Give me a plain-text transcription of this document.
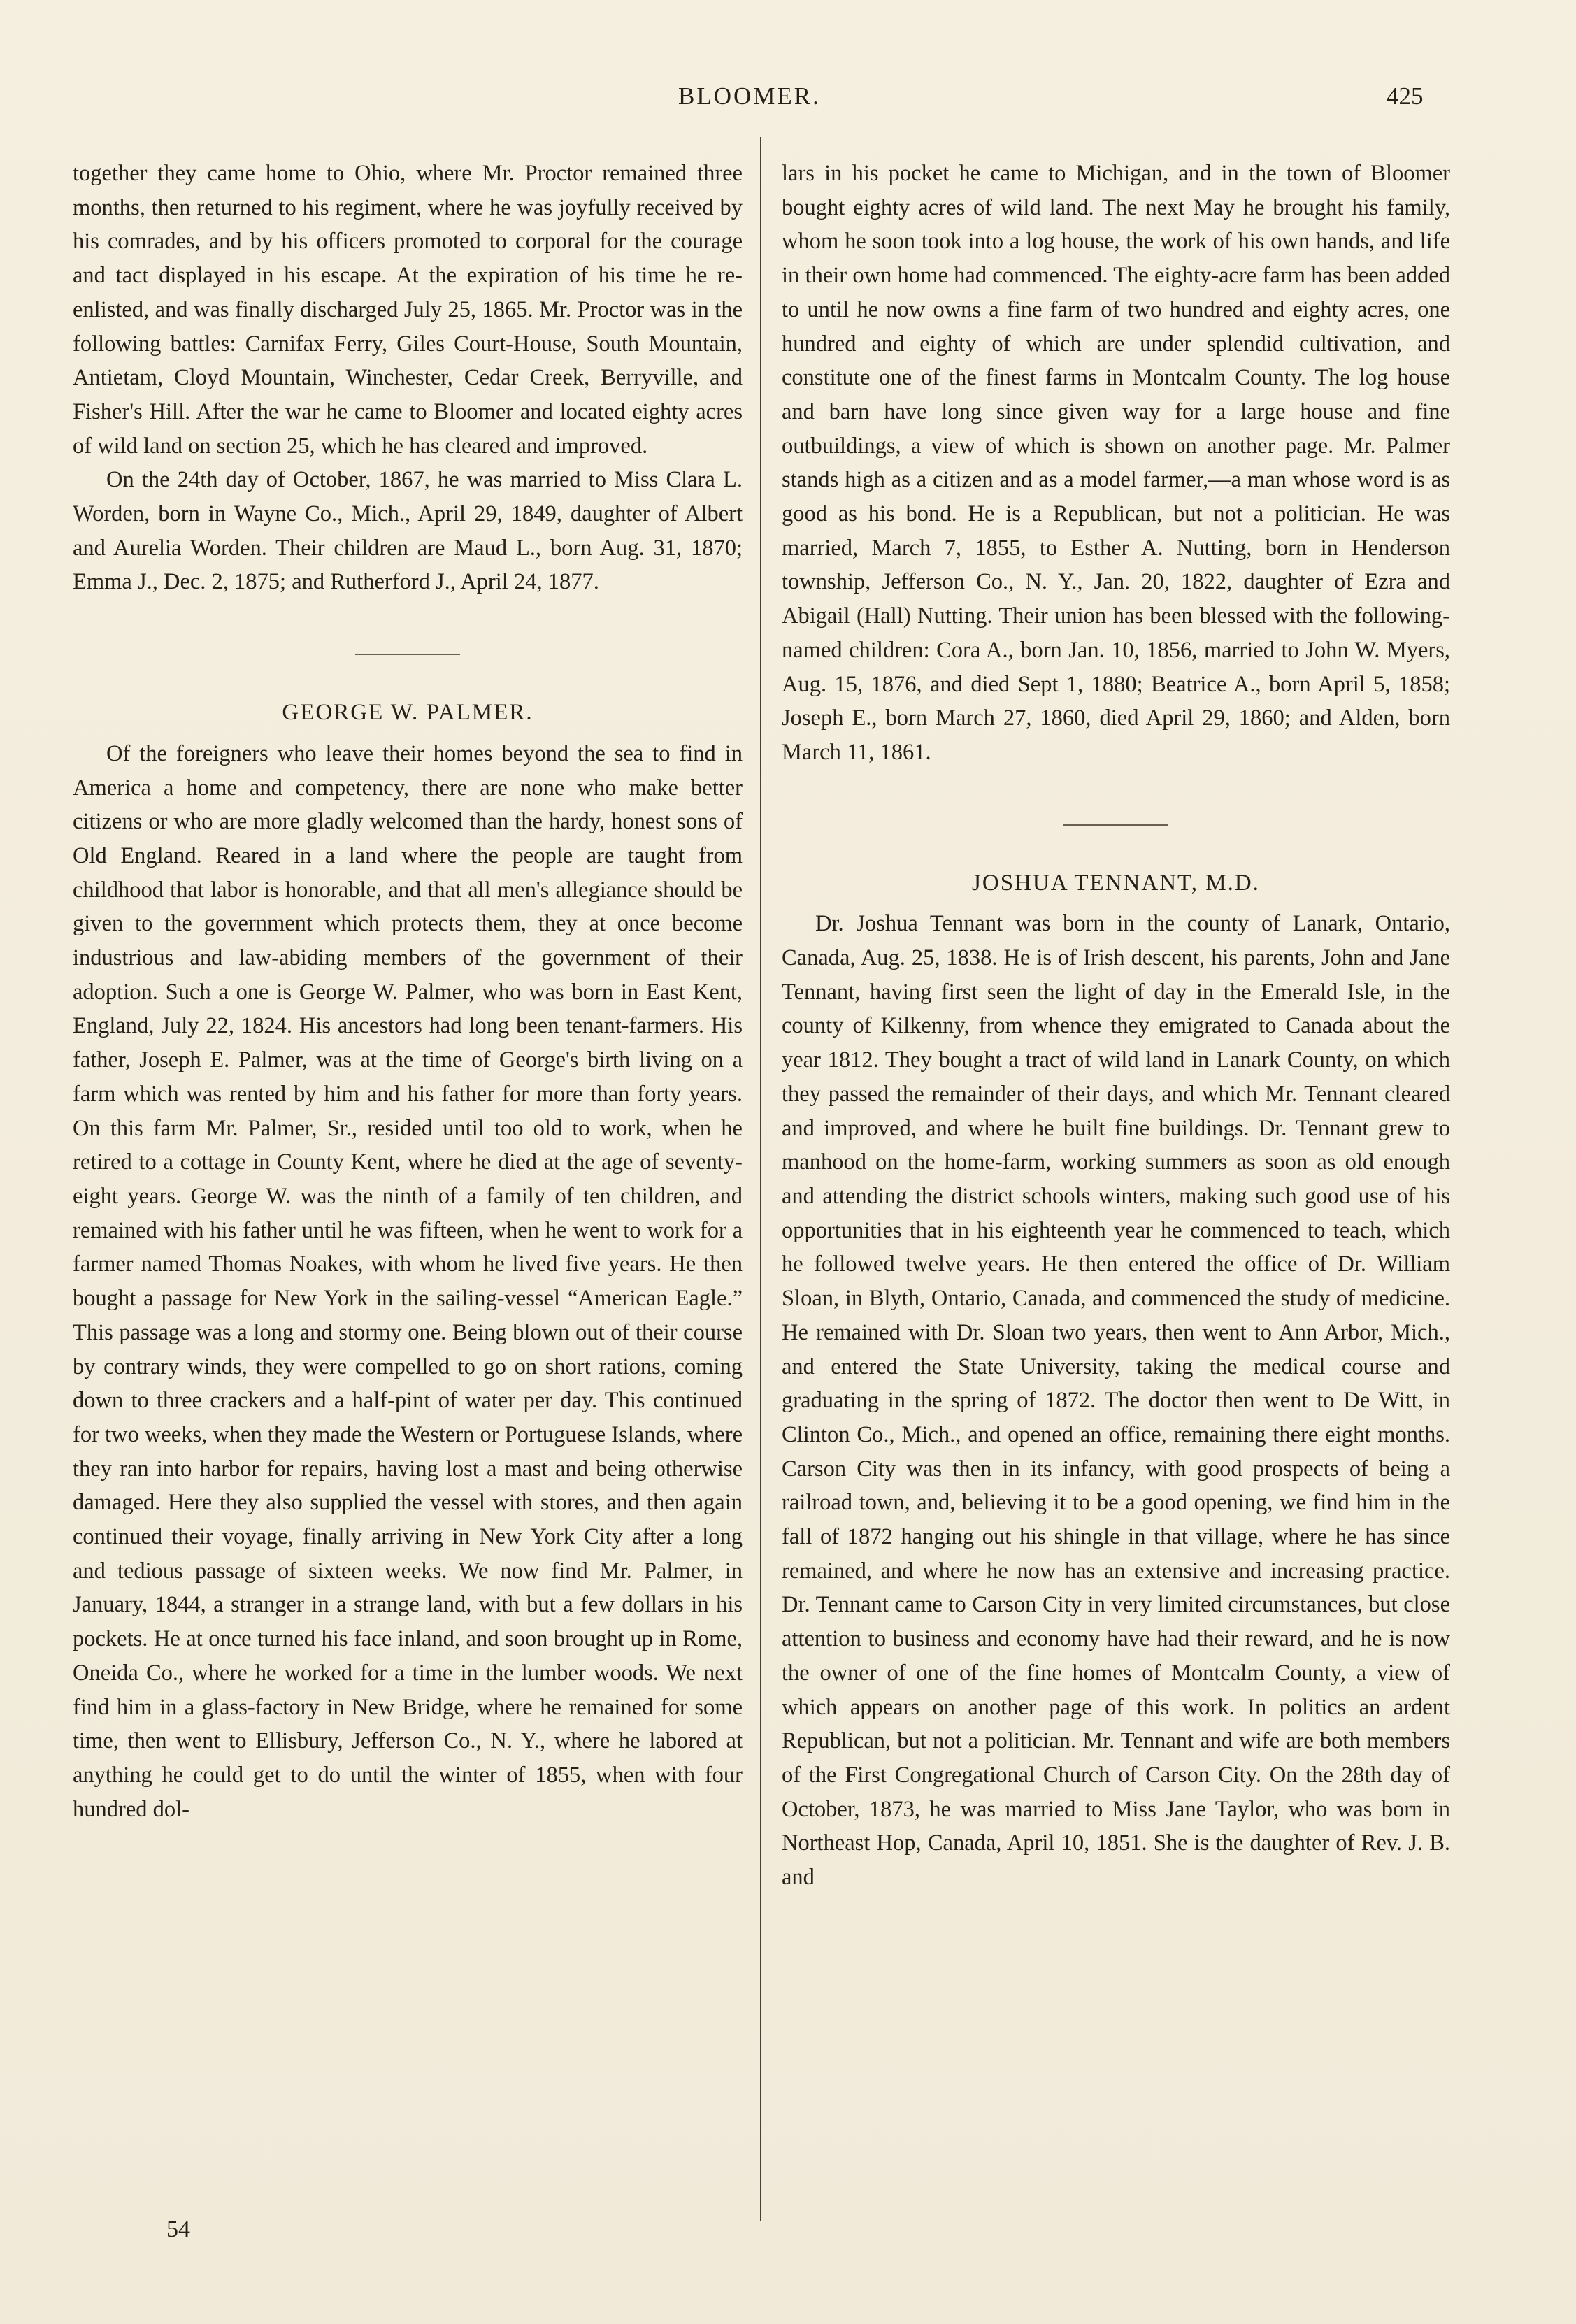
BLOOMER.	425

together they came home to Ohio, where Mr. Proctor remained three months, then returned to his regiment, where he was joyfully received by his comrades, and by his officers promoted to corporal for the courage and tact displayed in his escape. At the expiration of his time he re-enlisted, and was finally discharged July 25, 1865. Mr. Proctor was in the following battles: Carnifax Ferry, Giles Court-House, South Mountain, Antietam, Cloyd Mountain, Winchester, Cedar Creek, Berryville, and Fisher's Hill. After the war he came to Bloomer and located eighty acres of wild land on section 25, which he has cleared and improved.

On the 24th day of October, 1867, he was married to Miss Clara L. Worden, born in Wayne Co., Mich., April 29, 1849, daughter of Albert and Aurelia Worden. Their children are Maud L., born Aug. 31, 1870; Emma J., Dec. 2, 1875; and Rutherford J., April 24, 1877.

GEORGE W. PALMER.

Of the foreigners who leave their homes beyond the sea to find in America a home and competency, there are none who make better citizens or who are more gladly welcomed than the hardy, honest sons of Old England. Reared in a land where the people are taught from childhood that labor is honorable, and that all men's allegiance should be given to the government which protects them, they at once become industrious and law-abiding members of the government of their adoption. Such a one is George W. Palmer, who was born in East Kent, England, July 22, 1824. His ancestors had long been tenant-farmers. His father, Joseph E. Palmer, was at the time of George's birth living on a farm which was rented by him and his father for more than forty years. On this farm Mr. Palmer, Sr., resided until too old to work, when he retired to a cottage in County Kent, where he died at the age of seventy-eight years. George W. was the ninth of a family of ten children, and remained with his father until he was fifteen, when he went to work for a farmer named Thomas Noakes, with whom he lived five years. He then bought a passage for New York in the sailing-vessel “American Eagle.” This passage was a long and stormy one. Being blown out of their course by contrary winds, they were compelled to go on short rations, coming down to three crackers and a half-pint of water per day. This continued for two weeks, when they made the Western or Portuguese Islands, where they ran into harbor for repairs, having lost a mast and being otherwise damaged. Here they also supplied the vessel with stores, and then again continued their voyage, finally arriving in New York City after a long and tedious passage of sixteen weeks. We now find Mr. Palmer, in January, 1844, a stranger in a strange land, with but a few dollars in his pockets. He at once turned his face inland, and soon brought up in Rome, Oneida Co., where he worked for a time in the lumber woods. We next find him in a glass-factory in New Bridge, where he remained for some time, then went to Ellisbury, Jefferson Co., N. Y., where he labored at anything he could get to do until the winter of 1855, when with four hundred dol-

lars in his pocket he came to Michigan, and in the town of Bloomer bought eighty acres of wild land. The next May he brought his family, whom he soon took into a log house, the work of his own hands, and life in their own home had commenced. The eighty-acre farm has been added to until he now owns a fine farm of two hundred and eighty acres, one hundred and eighty of which are under splendid cultivation, and constitute one of the finest farms in Montcalm County. The log house and barn have long since given way for a large house and fine outbuildings, a view of which is shown on another page. Mr. Palmer stands high as a citizen and as a model farmer,—a man whose word is as good as his bond. He is a Republican, but not a politician. He was married, March 7, 1855, to Esther A. Nutting, born in Henderson township, Jefferson Co., N. Y., Jan. 20, 1822, daughter of Ezra and Abigail (Hall) Nutting. Their union has been blessed with the following-named children: Cora A., born Jan. 10, 1856, married to John W. Myers, Aug. 15, 1876, and died Sept 1, 1880; Beatrice A., born April 5, 1858; Joseph E., born March 27, 1860, died April 29, 1860; and Alden, born March 11, 1861.

JOSHUA TENNANT, M.D.

Dr. Joshua Tennant was born in the county of Lanark, Ontario, Canada, Aug. 25, 1838. He is of Irish descent, his parents, John and Jane Tennant, having first seen the light of day in the Emerald Isle, in the county of Kilkenny, from whence they emigrated to Canada about the year 1812. They bought a tract of wild land in Lanark County, on which they passed the remainder of their days, and which Mr. Tennant cleared and improved, and where he built fine buildings. Dr. Tennant grew to manhood on the home-farm, working summers as soon as old enough and attending the district schools winters, making such good use of his opportunities that in his eighteenth year he commenced to teach, which he followed twelve years. He then entered the office of Dr. William Sloan, in Blyth, Ontario, Canada, and commenced the study of medicine. He remained with Dr. Sloan two years, then went to Ann Arbor, Mich., and entered the State University, taking the medical course and graduating in the spring of 1872. The doctor then went to De Witt, in Clinton Co., Mich., and opened an office, remaining there eight months. Carson City was then in its infancy, with good prospects of being a railroad town, and, believing it to be a good opening, we find him in the fall of 1872 hanging out his shingle in that village, where he has since remained, and where he now has an extensive and increasing practice. Dr. Tennant came to Carson City in very limited circumstances, but close attention to business and economy have had their reward, and he is now the owner of one of the fine homes of Montcalm County, a view of which appears on another page of this work. In politics an ardent Republican, but not a politician. Mr. Tennant and wife are both members of the First Congregational Church of Carson City. On the 28th day of October, 1873, he was married to Miss Jane Taylor, who was born in Northeast Hop, Canada, April 10, 1851. She is the daughter of Rev. J. B. and

54
